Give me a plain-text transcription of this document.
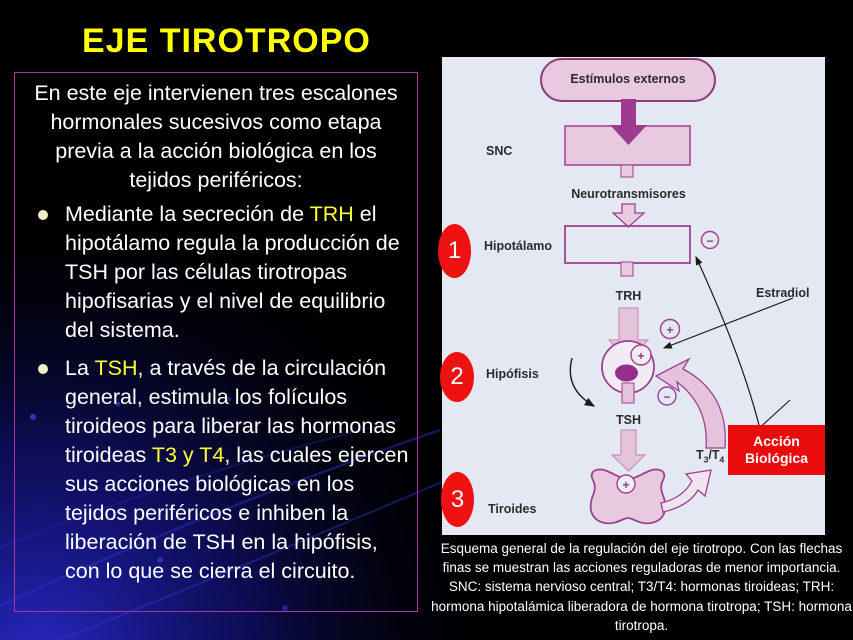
EJE TIROTROPO

En este eje intervienen tres escalones hormonales sucesivos como etapa previa a la acción biológica en los tejidos periféricos:

Mediante la secreción de TRH el hipotálamo regula la producción de TSH por las células tirotropas hipofisarias y el nivel de equilibrio del sistema.
La TSH, a través de la circulación general, estimula los folículos tiroideos para liberar las hormonas tiroideas T3 y T4, las cuales ejercen sus acciones biológicas en los tejidos periféricos e inhiben la liberación de TSH en la hipófisis, con lo que se cierra el circuito.
−
+
+
−
+
Estímulos externos
SNC
Neurotransmisores
Hipotálamo
TRH	Estradiol
Hipófisis
TSH
Tiroides
$T_3/T_4$
Acción
Biológica
1
2
3
Esquema general de la regulación del eje tirotropo. Con las flechas finas se muestran las acciones reguladoras de menor importancia. SNC: sistema nervioso central; T3/T4: hormonas tiroideas; TRH: hormona hipotalámica liberadora de hormona tirotropa; TSH: hormona tirotropa.
